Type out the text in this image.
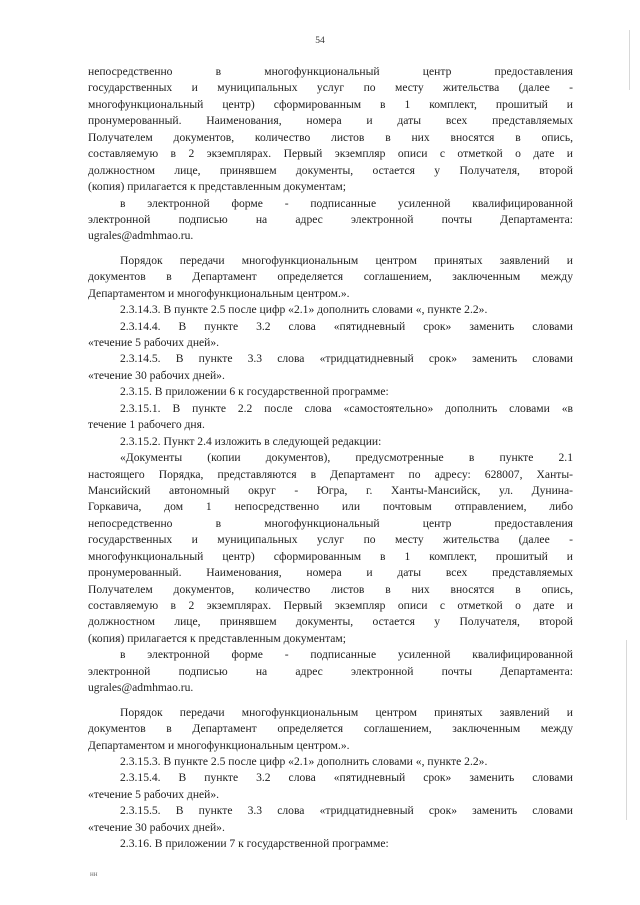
54
непосредственно в многофункциональный центр предоставления
государственных и муниципальных услуг по месту жительства (далее -
многофункциональный центр) сформированным в 1 комплект, прошитый и
пронумерованный. Наименования, номера и даты всех представляемых
Получателем документов, количество листов в них вносятся в опись,
составляемую в 2 экземплярах. Первый экземпляр описи с отметкой о дате и
должностном лице, принявшем документы, остается у Получателя, второй
(копия) прилагается к представленным документам;
в электронной форме - подписанные усиленной квалифицированной
электронной подписью на адрес электронной почты Департамента:
ugrales@admhmao.ru.
Порядок передачи многофункциональным центром принятых заявлений и
документов в Департамент определяется соглашением, заключенным между
Департаментом и многофункциональным центром.».
2.3.14.3. В пункте 2.5 после цифр «2.1» дополнить словами «, пункте 2.2».
2.3.14.4. В пункте 3.2 слова «пятидневный срок» заменить словами
«течение 5 рабочих дней».
2.3.14.5. В пункте 3.3 слова «тридцатидневный срок» заменить словами
«течение 30 рабочих дней».
2.3.15. В приложении 6 к государственной программе:
2.3.15.1. В пункте 2.2 после слова «самостоятельно» дополнить словами «в
течение 1 рабочего дня.
2.3.15.2. Пункт 2.4 изложить в следующей редакции:
«Документы (копии документов), предусмотренные в пункте 2.1
настоящего Порядка, представляются в Департамент по адресу: 628007, Ханты-
Мансийский автономный округ - Югра, г. Ханты-Мансийск, ул. Дунина-
Горкавича, дом 1 непосредственно или почтовым отправлением, либо
непосредственно в многофункциональный центр предоставления
государственных и муниципальных услуг по месту жительства (далее -
многофункциональный центр) сформированным в 1 комплект, прошитый и
пронумерованный. Наименования, номера и даты всех представляемых
Получателем документов, количество листов в них вносятся в опись,
составляемую в 2 экземплярах. Первый экземпляр описи с отметкой о дате и
должностном лице, принявшем документы, остается у Получателя, второй
(копия) прилагается к представленным документам;
в электронной форме - подписанные усиленной квалифицированной
электронной подписью на адрес электронной почты Департамента:
ugrales@admhmao.ru.
Порядок передачи многофункциональным центром принятых заявлений и
документов в Департамент определяется соглашением, заключенным между
Департаментом и многофункциональным центром.».
2.3.15.3. В пункте 2.5 после цифр «2.1» дополнить словами «, пункте 2.2».
2.3.15.4. В пункте 3.2 слова «пятидневный срок» заменить словами
«течение 5 рабочих дней».
2.3.15.5. В пункте 3.3 слова «тридцатидневный срок» заменить словами
«течение 30 рабочих дней».
2.3.16. В приложении 7 к государственной программе:
нн
